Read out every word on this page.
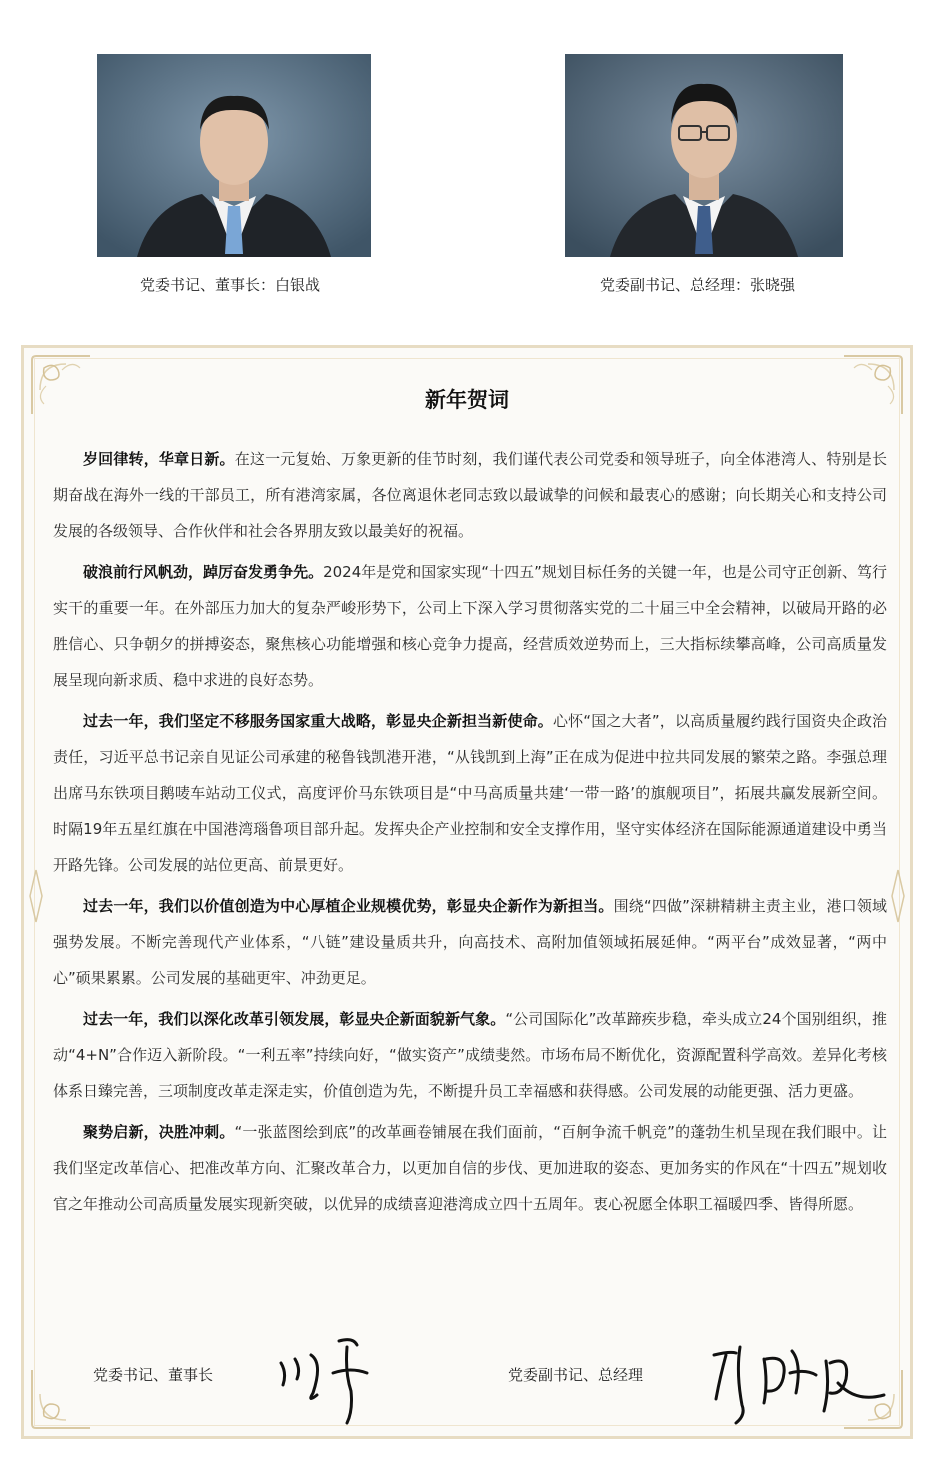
党委书记、董事长：白银战	党委副书记、总经理：张晓强
新年贺词

岁回律转，华章日新。在这一元复始、万象更新的佳节时刻，我们谨代表公司党委和领导班子，向全体港湾人、特别是长期奋战在海外一线的干部员工，所有港湾家属，各位离退休老同志致以最诚挚的问候和最衷心的感谢；向长期关心和支持公司发展的各级领导、合作伙伴和社会各界朋友致以最美好的祝福。

破浪前行风帆劲，踔厉奋发勇争先。2024年是党和国家实现“十四五”规划目标任务的关键一年，也是公司守正创新、笃行实干的重要一年。在外部压力加大的复杂严峻形势下，公司上下深入学习贯彻落实党的二十届三中全会精神，以破局开路的必胜信心、只争朝夕的拼搏姿态，聚焦核心功能增强和核心竞争力提高，经营质效逆势而上，三大指标续攀高峰，公司高质量发展呈现向新求质、稳中求进的良好态势。

过去一年，我们坚定不移服务国家重大战略，彰显央企新担当新使命。心怀“国之大者”，以高质量履约践行国资央企政治责任，习近平总书记亲自见证公司承建的秘鲁钱凯港开港，“从钱凯到上海”正在成为促进中拉共同发展的繁荣之路。李强总理出席马东铁项目鹅唛车站动工仪式，高度评价马东铁项目是“中马高质量共建‘一带一路’的旗舰项目”，拓展共赢发展新空间。时隔19年五星红旗在中国港湾瑙鲁项目部升起。发挥央企产业控制和安全支撑作用，坚守实体经济在国际能源通道建设中勇当开路先锋。公司发展的站位更高、前景更好。

过去一年，我们以价值创造为中心厚植企业规模优势，彰显央企新作为新担当。围绕“四做”深耕精耕主责主业，港口领域强势发展。不断完善现代产业体系，“八链”建设量质共升，向高技术、高附加值领域拓展延伸。“两平台”成效显著，“两中心”硕果累累。公司发展的基础更牢、冲劲更足。

过去一年，我们以深化改革引领发展，彰显央企新面貌新气象。“公司国际化”改革蹄疾步稳，牵头成立24个国别组织，推动“4+N”合作迈入新阶段。“一利五率”持续向好，“做实资产”成绩斐然。市场布局不断优化，资源配置科学高效。差异化考核体系日臻完善，三项制度改革走深走实，价值创造为先，不断提升员工幸福感和获得感。公司发展的动能更强、活力更盛。

聚势启新，决胜冲刺。“一张蓝图绘到底”的改革画卷铺展在我们面前，“百舸争流千帆竞”的蓬勃生机呈现在我们眼中。让我们坚定改革信心、把准改革方向、汇聚改革合力，以更加自信的步伐、更加进取的姿态、更加务实的作风在“十四五”规划收官之年推动公司高质量发展实现新突破，以优异的成绩喜迎港湾成立四十五周年。衷心祝愿全体职工福暖四季、皆得所愿。

党委书记、董事长	党委副书记、总经理
